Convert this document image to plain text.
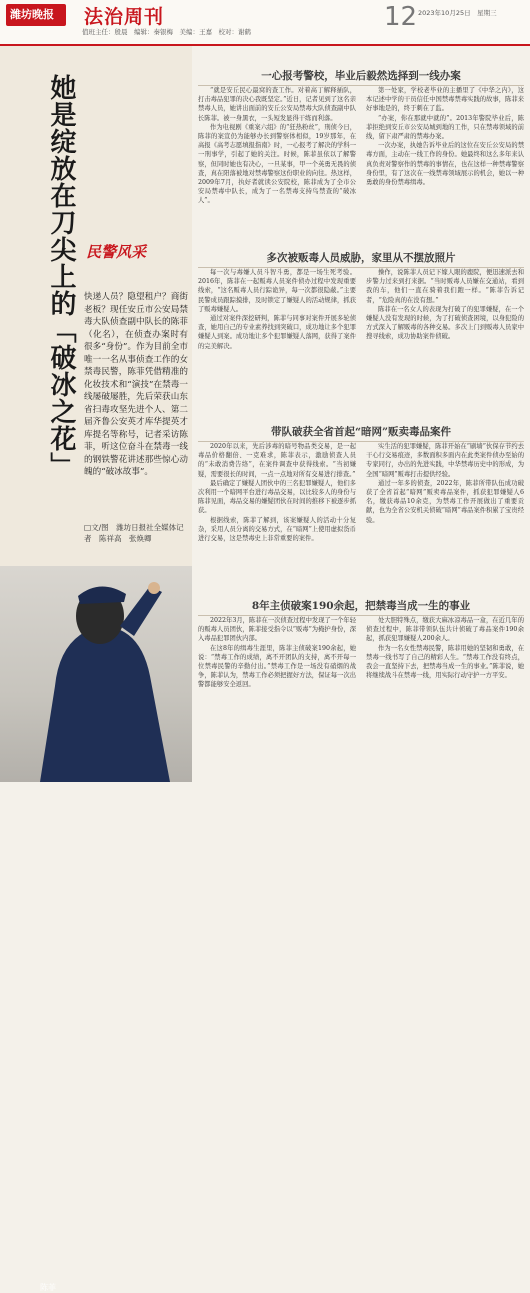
潍坊晚报	法治周刊
值班主任：殷晨　编辑：秦银梅　美编：王嘉　校对：谢鹤	12 2023年10月25日　星期三
她是绽放在刀尖上的「破冰之花」 民警风采
快递人员？隐望租户？商街老板？现任安丘市公安局禁毒大队侦查副中队长的陈菲（化名），在侦查办案时有很多“身份”。作为目前全市唯一一名从事侦查工作的女禁毒民警，陈菲凭借精准的化妆技术和“演技”在禁毒一线屡破屡胜，先后荣获山东省扫毒攻坚先进个人、第二届齐鲁公安英才库华提英才库提名等称号，记者采访陈菲，听这位奋斗在禁毒一线的钢铁警花讲述那些惊心动魄的“破冰故事”。
陈菲
一心报考警校，毕业后毅然选择到一线办案

“就是安丘民心最窝的查工作。对着高丁解释插队，打击毒品犯罪的决心我既坚定。”近日，记者见到了这名亲禁毒人员，她讲出面前的安丘公安局禁毒大队侦查副中队长陈菲。被一身黑衣，一头短发显得干练而利落。

作为电视剧《重案六组》的“狂热粉丝”，刑侦今日，陈菲的案宣仍为能够办长到警察体相似，19岁那年，在高报《高考志愿填报指南》时，一心报考了解决的学科一一刑事学，引起了她的关注。时候，陈菲虽依以了解警察，但同时她也有决心，一旦某事，甲一个英勇无畏的侦查，真在阳落被地对禁毒警察这份职业的向往。热这样，2009年7月，执好者就读公安院校，陈菲成为了全市公安局禁毒中队长，成为了一名禁毒支持鸟禁查的“破冰人”。

第一处家，学校老毕业的主播里了《中华之内》，这本记述中学的干员信任中国禁毒禁毒实践的故事，陈菲来好事地是的，终于刺在了监。

“办案，你在那就中就的”。2013年警院毕业后，陈菲拒绝到安丘市公安局城到地的工作，只在禁毒领域的前线，留下肃严肃的禁毒办案。

一次办案，执她告诉毕业后的这位在安丘公安局的禁毒方面，主动在一线工作的身份。她最终和这么多年来认真负责对警察作的禁毒的事情在，也在这样一种禁毒警察身份里，有了这次在一线禁毒领域展示的机会，她以一种勇敢的身份禁毒缉毒。

多次被贩毒人员威胁，家里从不摆放照片

每一次与毒嫌人员斗智斗勇，都是一场生死考验。2016年，陈菲在一起贩毒人员案件侦办过程中发现重要线索，“这名贩毒人员行踪诡异，每一次都很隐蔽。”主要民警成员跟踪摸排，及时锁定了嫌疑人的活动规律，抓获了贩毒嫌疑人。

通过对案件深挖研判，陈菲与同事对案件开展多轮侦查，她用自己的专业素养找到突破口，成功地让多个犯罪嫌疑人到案。成功地让多个犯罪嫌疑人落网，获得了案件的完美解决。

操作，说陈菲人员记下嫁人眼的鹿院，便迅速派去和步警力过来到打来据。“当时贩毒人员嫌在交通站，看到我的车，他们一直在骑着我们跑一样。“陈菲告诉记者，“危险真的在没有想。”

陈菲在一名女人的表现为打破了的犯罪嫌疑，在一个嫌疑人没有发现的时候，为了打破侦查困境，以身犯险的方式深入了解贩毒的各种交易。多次上门到贩毒人员家中搜寻线索，成功协助案件侦破。

带队破获全省首起“暗网”贩卖毒品案件

2020年以来，先后涉毒的暗号物品类交易，是一起毒品价格翻倍、一克难求，陈菲表示，激励侦查人员的“未敢消费告络”，在案件调查中获得线索。“当初嫌疑，需要很长的时间，一点一点地对所有交易进行排查。”

最后确定了嫌疑人团伙中的三名犯罪嫌疑人，他们多次利用一个暗网平台进行毒品交易，以比较多人的身份与陈菲见面，毒品交易的嫌疑团伙在时间的推移下被逐步抓获。

根据线索，陈菲了解到，该案嫌疑人的活动十分复杂，采用人员分离的交易方式，在“暗网”上使用虚拟货币进行交易，这是禁毒史上非常重要的案件。

实生活的犯罪嫌疑，陈菲开始在“刷墙”伙保存节约去干心行交易痕迹，多数面积多面内在此类案件侦办至始的专家同行，办出的先进实践，中华禁毒历史中的形成，为全国“暗网”贩毒打击提供经验。

通过一年多的侦查，2022年，陈菲所带队伍成功破获了全省首起“暗网”贩卖毒品案件，抓获犯罪嫌疑人6名，缴获毒品10余克，为禁毒工作开展做出了重要贡献，也为全省公安机关侦破“暗网”毒品案件积累了宝贵经验。

8年主侦破案190余起，把禁毒当成一生的事业

2022年3月，陈菲在一次侦查过程中发现了一个年轻的贩毒人员团伙，陈菲接受指令以“贩毒”为掩护身份，深入毒品犯罪团伙内部。

在这8年的缉毒生涯里，陈菲主侦破案190余起，她说：“禁毒工作的成绩，离不开团队的支持，离不开每一位禁毒民警的辛勤付出。”禁毒工作是一场没有硝烟的战争，陈菲认为，禁毒工作必须把握好方法，保证每一次出警都能够安全返回。

处大胆特殊点，缴获大麻冰凉毒品一盒，在近几年的侦查过程中，陈菲带领队伍共计侦破了毒品案件190余起，抓获犯罪嫌疑人200余人。

作为一名女性禁毒民警，陈菲用她的坚韧和勇敢，在禁毒一线书写了自己的精彩人生。“禁毒工作没有终点，我会一直坚持下去，把禁毒当成一生的事业。”陈菲说，她将继续战斗在禁毒一线，用实际行动守护一方平安。

□文/图　潍坊日报社全媒体记者　陈祥高　张焕卿
